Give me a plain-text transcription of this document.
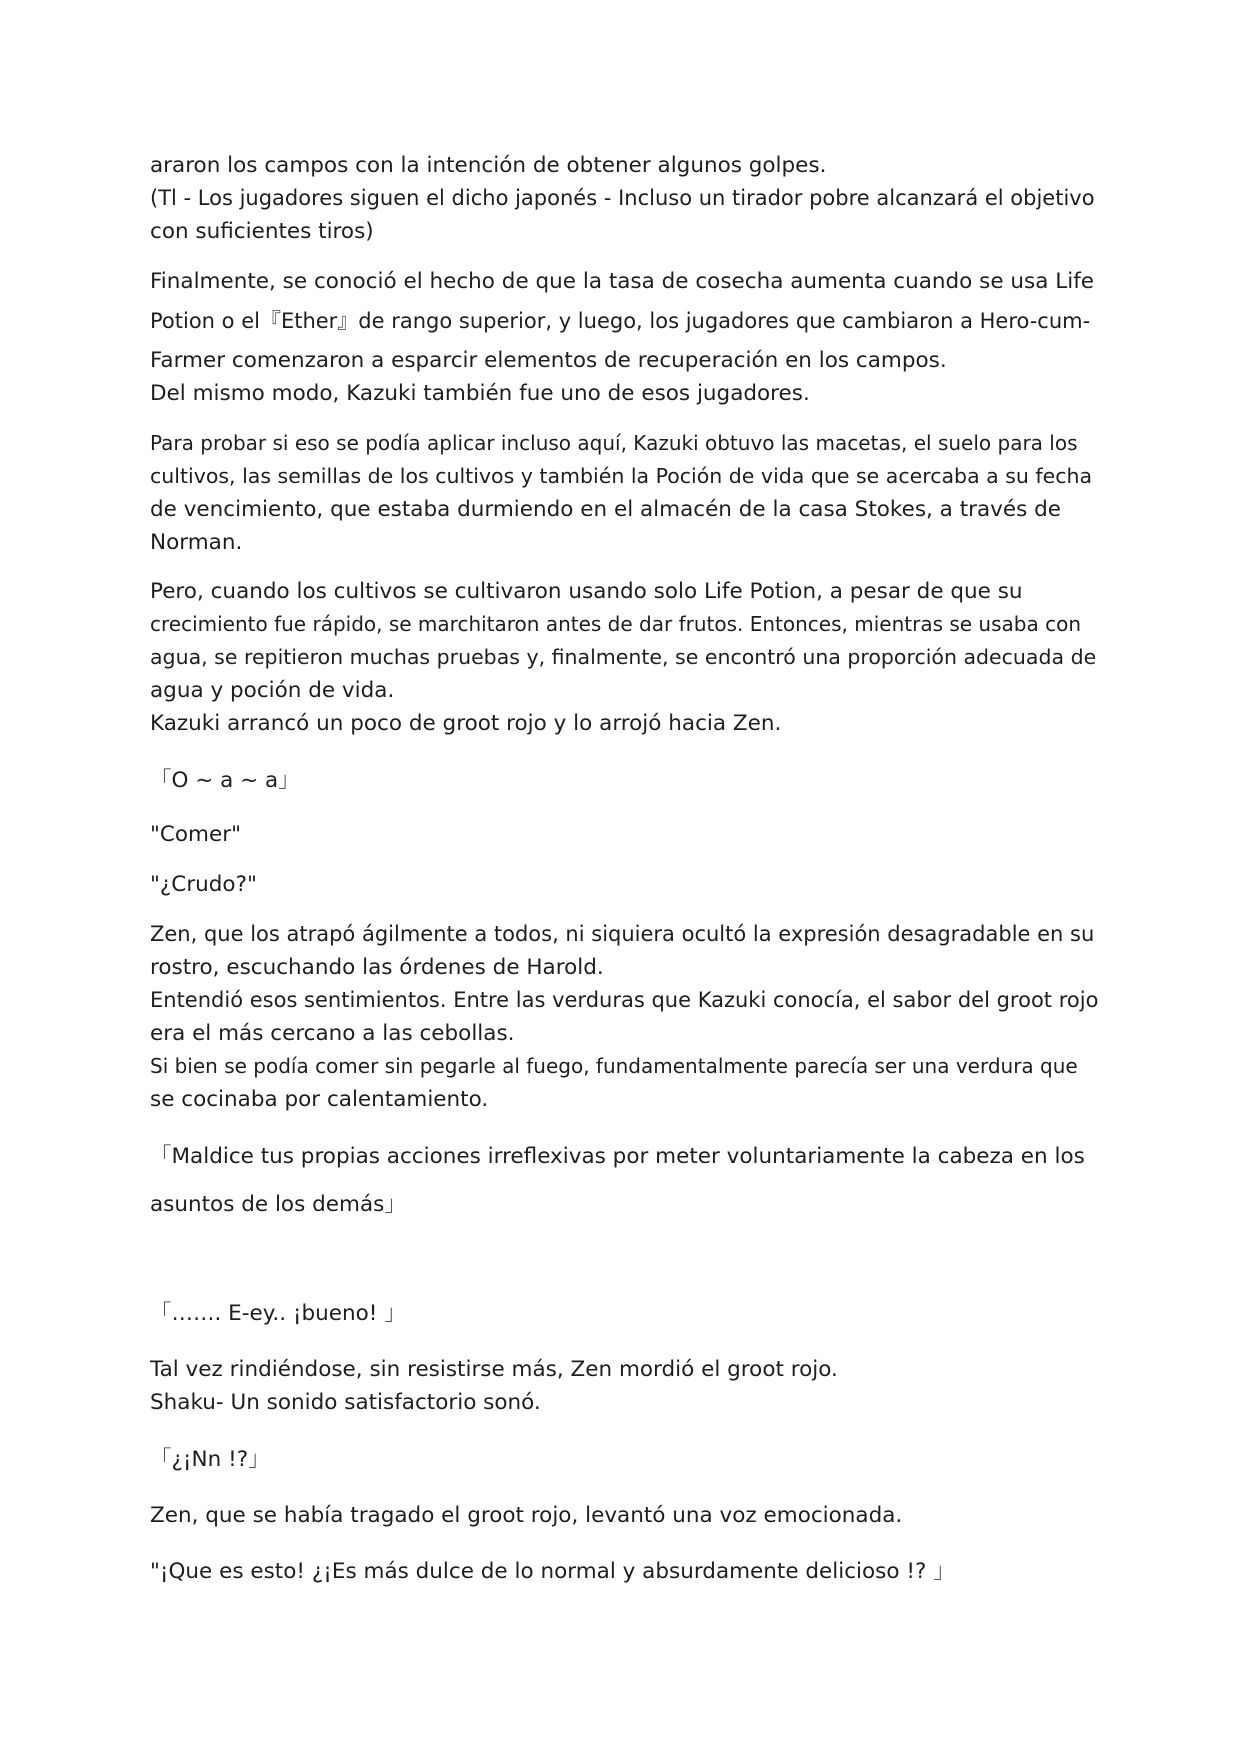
araron los campos con la intención de obtener algunos golpes.

(Tl - Los jugadores siguen el dicho japonés - Incluso un tirador pobre alcanzará el objetivo

con suficientes tiros)

Finalmente, se conoció el hecho de que la tasa de cosecha aumenta cuando se usa Life

Potion o el『Ether』de rango superior, y luego, los jugadores que cambiaron a Hero-cum-

Farmer comenzaron a esparcir elementos de recuperación en los campos.

Del mismo modo, Kazuki también fue uno de esos jugadores.

Para probar si eso se podía aplicar incluso aquí, Kazuki obtuvo las macetas, el suelo para los

cultivos, las semillas de los cultivos y también la Poción de vida que se acercaba a su fecha

de vencimiento, que estaba durmiendo en el almacén de la casa Stokes, a través de

Norman.

Pero, cuando los cultivos se cultivaron usando solo Life Potion, a pesar de que su

crecimiento fue rápido, se marchitaron antes de dar frutos. Entonces, mientras se usaba con

agua, se repitieron muchas pruebas y, finalmente, se encontró una proporción adecuada de

agua y poción de vida.

Kazuki arrancó un poco de groot rojo y lo arrojó hacia Zen.

「O ~ a ~ a」

"Comer"

"¿Crudo?"

Zen, que los atrapó ágilmente a todos, ni siquiera ocultó la expresión desagradable en su

rostro, escuchando las órdenes de Harold.

Entendió esos sentimientos. Entre las verduras que Kazuki conocía, el sabor del groot rojo

era el más cercano a las cebollas.

Si bien se podía comer sin pegarle al fuego, fundamentalmente parecía ser una verdura que

se cocinaba por calentamiento.

「Maldice tus propias acciones irreflexivas por meter voluntariamente la cabeza en los

asuntos de los demás」

「……. E-ey.. ¡bueno! 」

Tal vez rindiéndose, sin resistirse más, Zen mordió el groot rojo.

Shaku- Un sonido satisfactorio sonó.

「¿¡Nn !?」

Zen, que se había tragado el groot rojo, levantó una voz emocionada.

"¡Que es esto! ¿¡Es más dulce de lo normal y absurdamente delicioso !? 」
